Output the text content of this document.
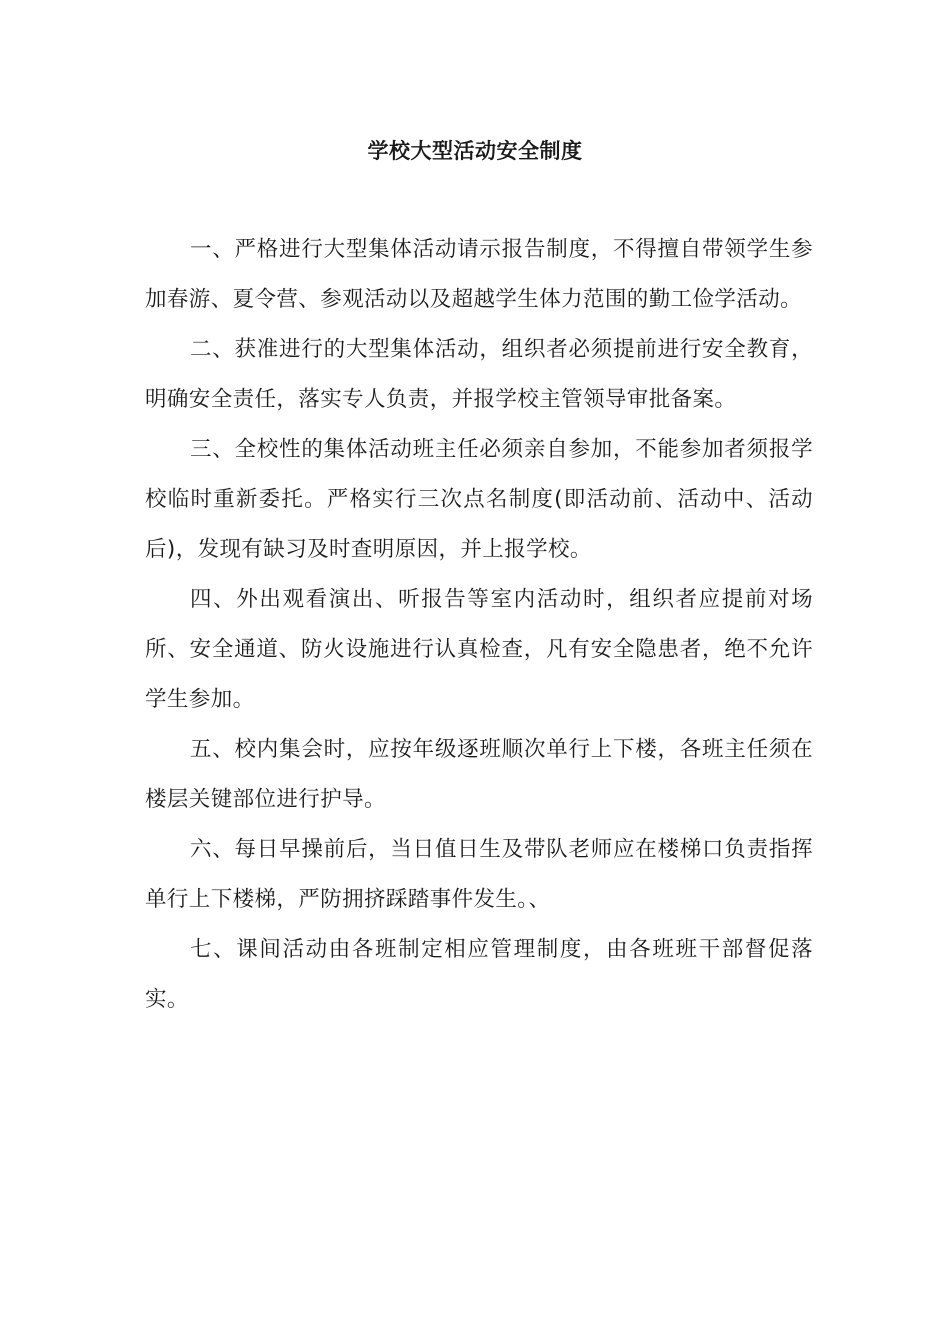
学校大型活动安全制度

一、严格进行大型集体活动请示报告制度，不得擅自带领学生参加春游、夏令营、参观活动以及超越学生体力范围的勤工俭学活动。

二、获准进行的大型集体活动，组织者必须提前进行安全教育，明确安全责任，落实专人负责，并报学校主管领导审批备案。

三、全校性的集体活动班主任必须亲自参加，不能参加者须报学校临时重新委托。严格实行三次点名制度(即活动前、活动中、活动后)，发现有缺习及时查明原因，并上报学校。

四、外出观看演出、听报告等室内活动时，组织者应提前对场所、安全通道、防火设施进行认真检查，凡有安全隐患者，绝不允许学生参加。

五、校内集会时，应按年级逐班顺次单行上下楼，各班主任须在楼层关键部位进行护导。

六、每日早操前后，当日值日生及带队老师应在楼梯口负责指挥单行上下楼梯，严防拥挤踩踏事件发生。、

七、课间活动由各班制定相应管理制度，由各班班干部督促落实。
